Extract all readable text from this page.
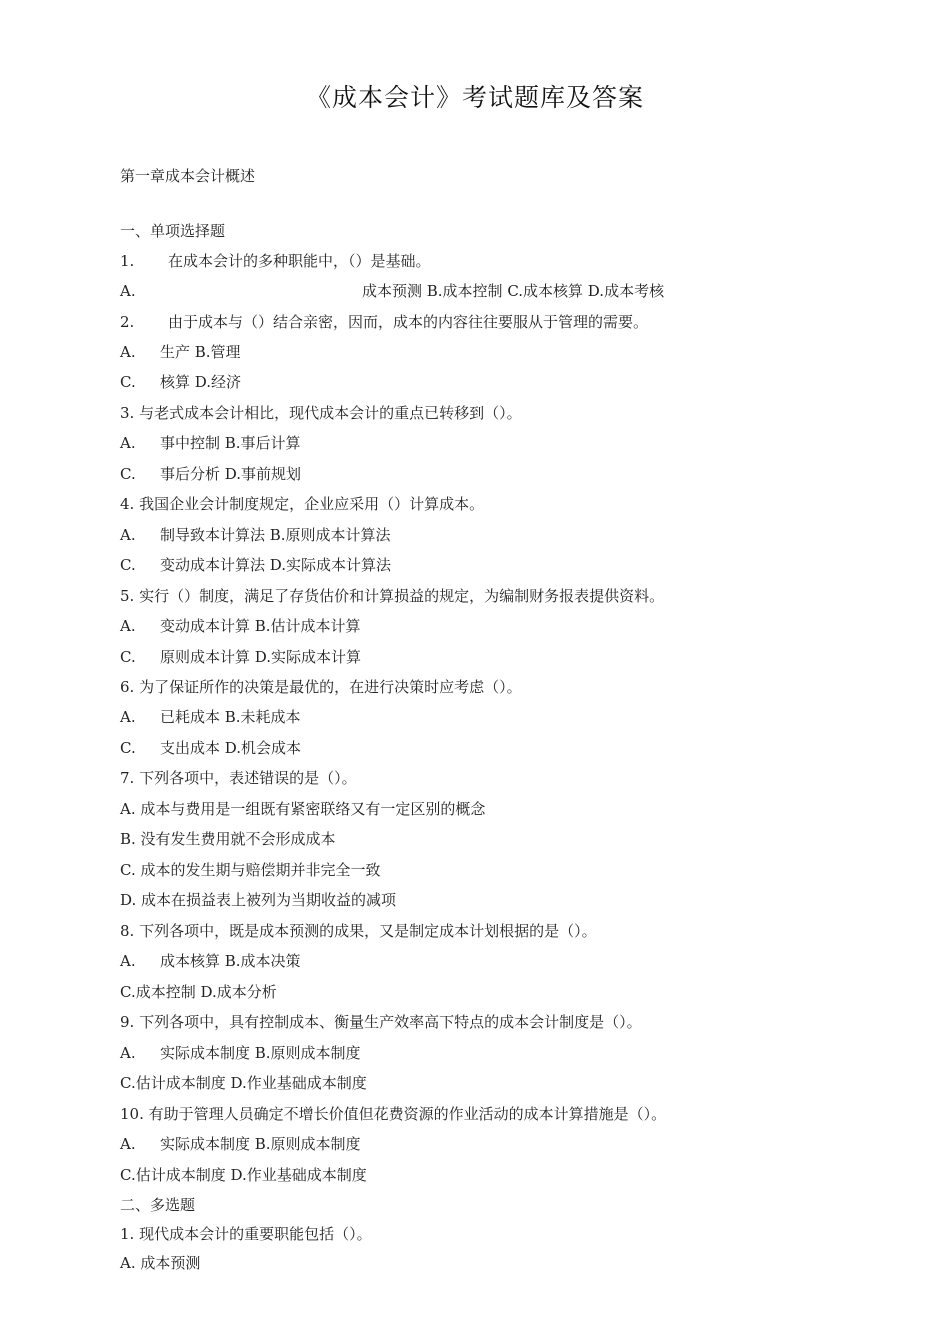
《成本会计》考试题库及答案
第一章成本会计概述
一、单项选择题
1. 在成本会计的多种职能中，（）是基础。
A.	成本预测 B.成本控制 C.成本核算 D.成本考核
2. 由于成本与（）结合亲密，因而，成本的内容往往要服从于管理的需要。
A. 生产 B.管理
C. 核算 D.经济
3. 与老式成本会计相比，现代成本会计的重点已转移到（）。
A. 事中控制 B.事后计算
C. 事后分析 D.事前规划
4. 我国企业会计制度规定，企业应采用（）计算成本。
A. 制导致本计算法 B.原则成本计算法
C. 变动成本计算法 D.实际成本计算法
5. 实行（）制度，满足了存货估价和计算损益的规定，为编制财务报表提供资料。
A. 变动成本计算 B.估计成本计算
C. 原则成本计算 D.实际成本计算
6. 为了保证所作的决策是最优的，在进行决策时应考虑（）。
A. 已耗成本 B.未耗成本
C. 支出成本 D.机会成本
7. 下列各项中，表述错误的是（）。
A. 成本与费用是一组既有紧密联络又有一定区别的概念
B. 没有发生费用就不会形成成本
C. 成本的发生期与赔偿期并非完全一致
D. 成本在损益表上被列为当期收益的减项
8. 下列各项中，既是成本预测的成果，又是制定成本计划根据的是（）。
A. 成本核算 B.成本决策
C.成本控制 D.成本分析
9. 下列各项中，具有控制成本、衡量生产效率高下特点的成本会计制度是（）。
A. 实际成本制度 B.原则成本制度
C.估计成本制度 D.作业基础成本制度
10. 有助于管理人员确定不增长价值但花费资源的作业活动的成本计算措施是（）。
A. 实际成本制度 B.原则成本制度
C.估计成本制度 D.作业基础成本制度
二、多选题
1. 现代成本会计的重要职能包括（）。
A. 成本预测
